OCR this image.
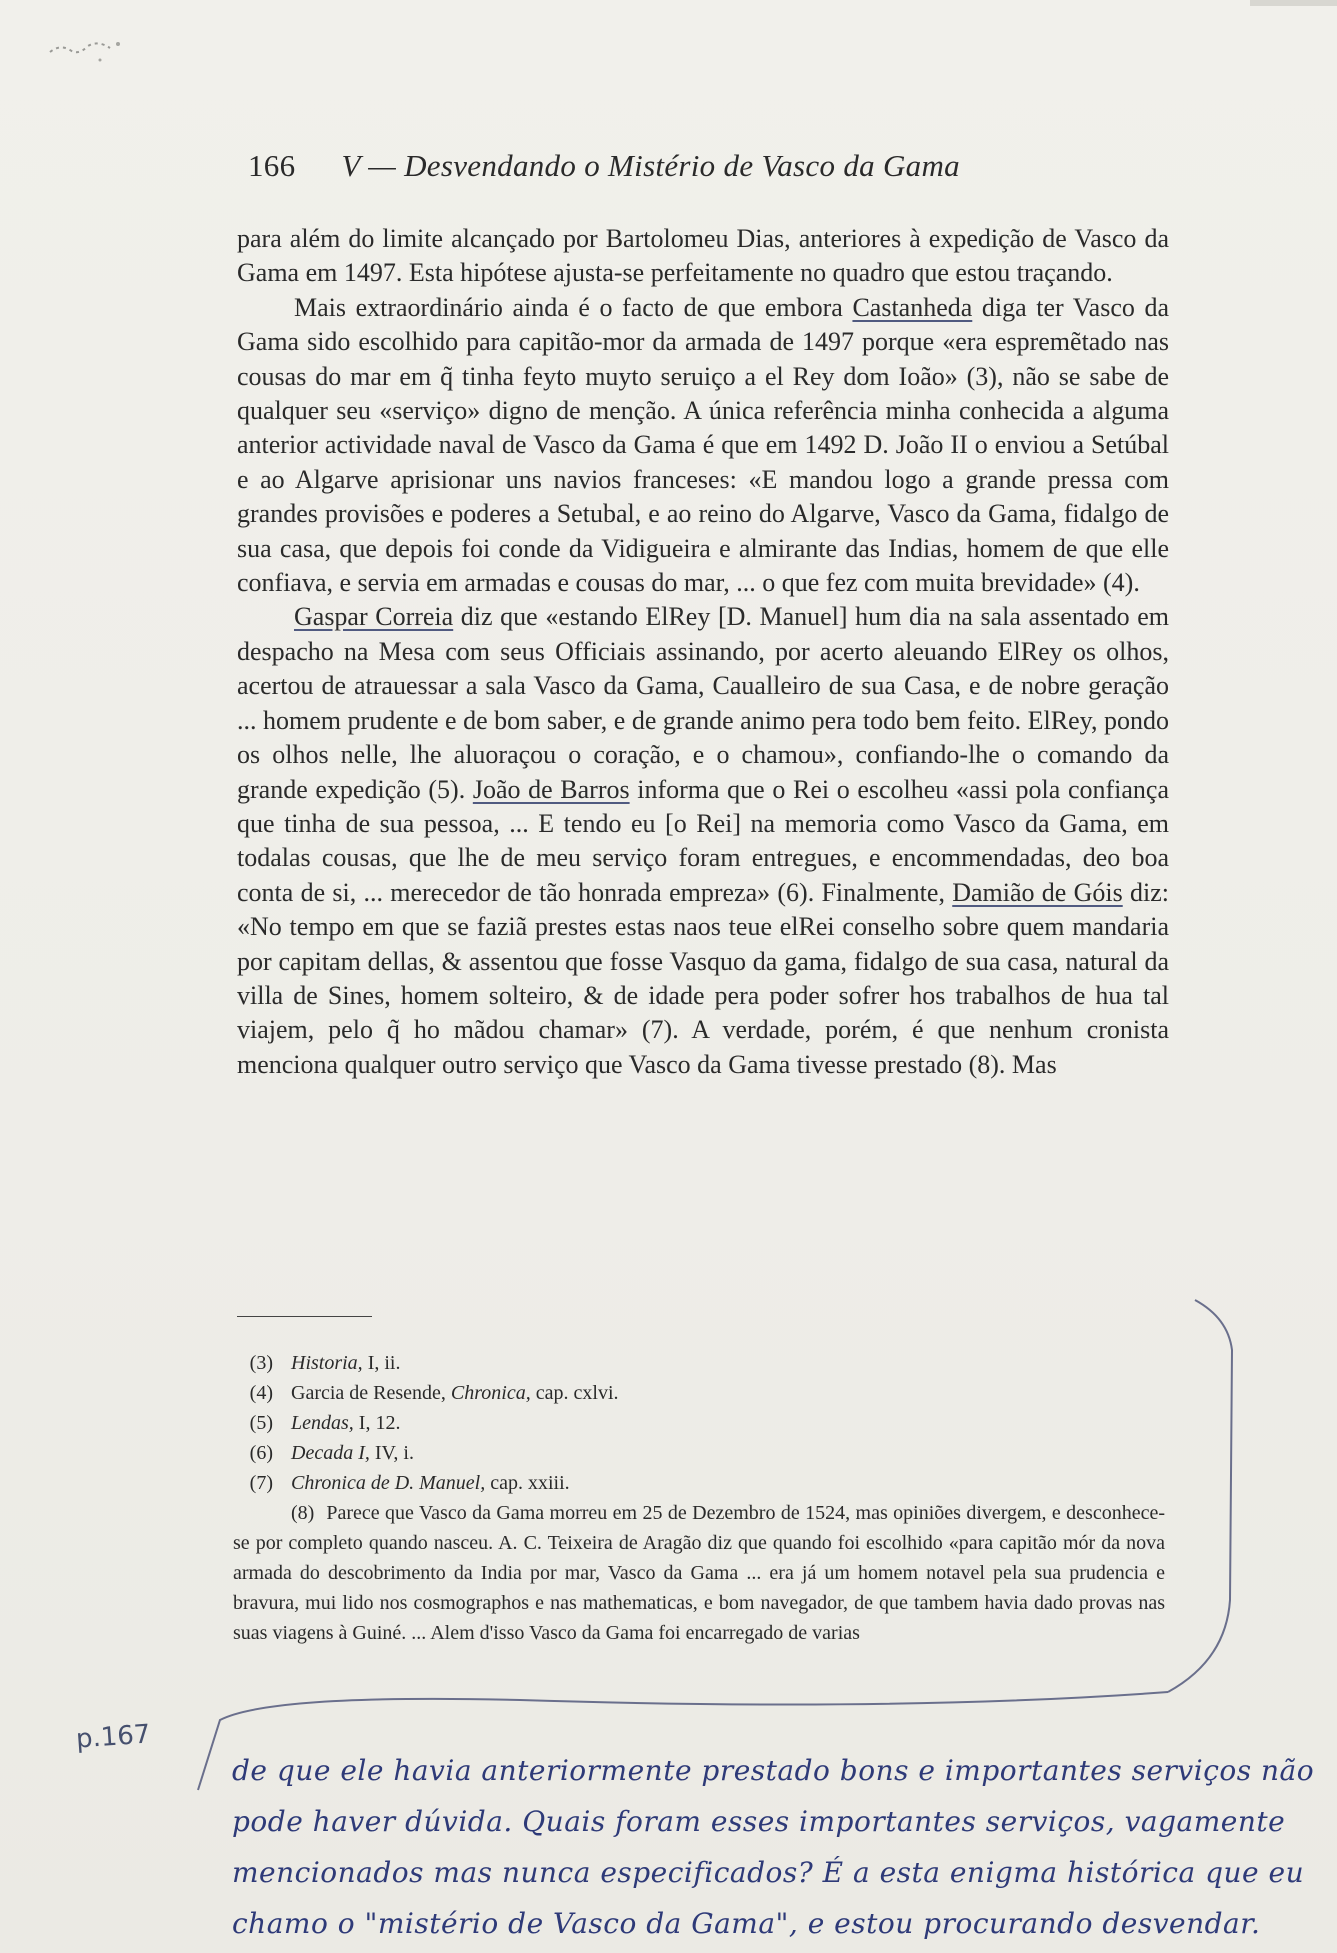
166 V — Desvendando o Mistério de Vasco da Gama

para além do limite alcançado por Bartolomeu Dias, anteriores à expedição de Vasco da Gama em 1497. Esta hipótese ajusta-se perfeitamente no quadro que estou traçando.

Mais extraordinário ainda é o facto de que embora Castanheda diga ter Vasco da Gama sido escolhido para capitão-mor da armada de 1497 porque «era espremẽtado nas cousas do mar em q̃ tinha feyto muyto seruiço a el Rey dom Ioão» (3), não se sabe de qualquer seu «serviço» digno de menção. A única referência minha conhecida a alguma anterior actividade naval de Vasco da Gama é que em 1492 D. João II o enviou a Setúbal e ao Algarve aprisionar uns navios franceses: «E mandou logo a grande pressa com grandes provisões e poderes a Setubal, e ao reino do Algarve, Vasco da Gama, fidalgo de sua casa, que depois foi conde da Vidigueira e almirante das Indias, homem de que elle confiava, e servia em armadas e cousas do mar, ... o que fez com muita brevidade» (4).

Gaspar Correia diz que «estando ElRey [D. Manuel] hum dia na sala assentado em despacho na Mesa com seus Officiais assinando, por acerto aleuando ElRey os olhos, acertou de atrauessar a sala Vasco da Gama, Caualleiro de sua Casa, e de nobre geração ... homem prudente e de bom saber, e de grande animo pera todo bem feito. ElRey, pondo os olhos nelle, lhe aluoraçou o coração, e o chamou», confiando-lhe o comando da grande expedição (5). João de Barros informa que o Rei o escolheu «assi pola confiança que tinha de sua pessoa, ... E tendo eu [o Rei] na memoria como Vasco da Gama, em todalas cousas, que lhe de meu serviço foram entregues, e encommendadas, deo boa conta de si, ... merecedor de tão honrada empreza» (6). Finalmente, Damião de Góis diz: «No tempo em que se faziã prestes estas naos teue elRei conselho sobre quem mandaria por capitam dellas, & assentou que fosse Vasquo da gama, fidalgo de sua casa, natural da villa de Sines, homem solteiro, & de idade pera poder sofrer hos trabalhos de hua tal viajem, pelo q̃ ho mãdou chamar» (7). A verdade, porém, é que nenhum cronista menciona qualquer outro serviço que Vasco da Gama tivesse prestado (8). Mas

(3) Historia, I, ii.

(4) Garcia de Resende, Chronica, cap. cxlvi.

(5) Lendas, I, 12.

(6) Decada I, IV, i.

(7) Chronica de D. Manuel, cap. xxiii.

(8) Parece que Vasco da Gama morreu em 25 de Dezembro de 1524, mas opiniões divergem, e desconhece-se por completo quando nasceu. A. C. Teixeira de Aragão diz que quando foi escolhido «para capitão mór da nova armada do descobrimento da India por mar, Vasco da Gama ... era já um homem notavel pela sua prudencia e bravura, mui lido nos cosmographos e nas mathematicas, e bom navegador, de que tambem havia dado provas nas suas viagens à Guiné. ... Alem d'isso Vasco da Gama foi encarregado de varias

p.167
de que ele havia anteriormente prestado bons e importantes serviços não
pode haver dúvida. Quais foram esses importantes serviços, vagamente
mencionados mas nunca especificados? É a esta enigma histórica que eu
chamo o "mistério de Vasco da Gama", e estou procurando desvendar.
